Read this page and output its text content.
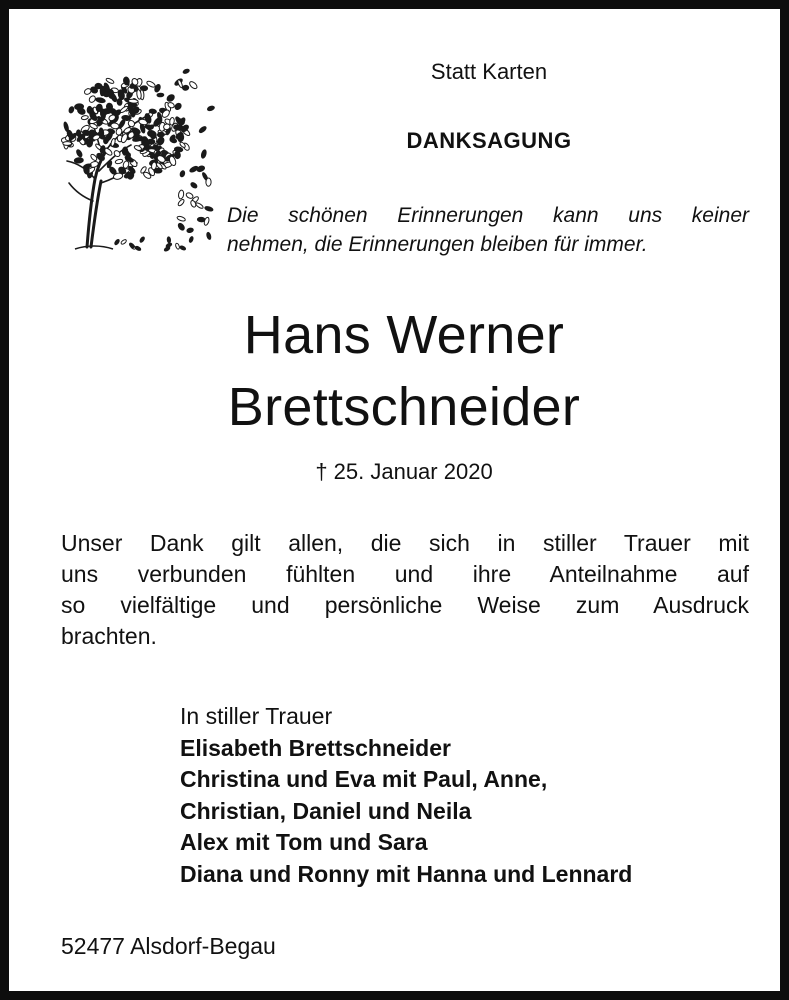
Statt Karten
DANKSAGUNG
Die schönen Erinnerungen kann uns keiner
nehmen, die Erinnerungen bleiben für immer.
Hans Werner
Brettschneider
† 25. Januar 2020
Unser Dank gilt allen, die sich in stiller Trauer mit
uns verbunden fühlten und ihre Anteilnahme auf
so vielfältige und persönliche Weise zum Ausdruck
brachten.
In stiller Trauer
Elisabeth Brettschneider
Christina und Eva mit Paul, Anne,
Christian, Daniel und Neila
Alex mit Tom und Sara
Diana und Ronny mit Hanna und Lennard
52477 Alsdorf-Begau
